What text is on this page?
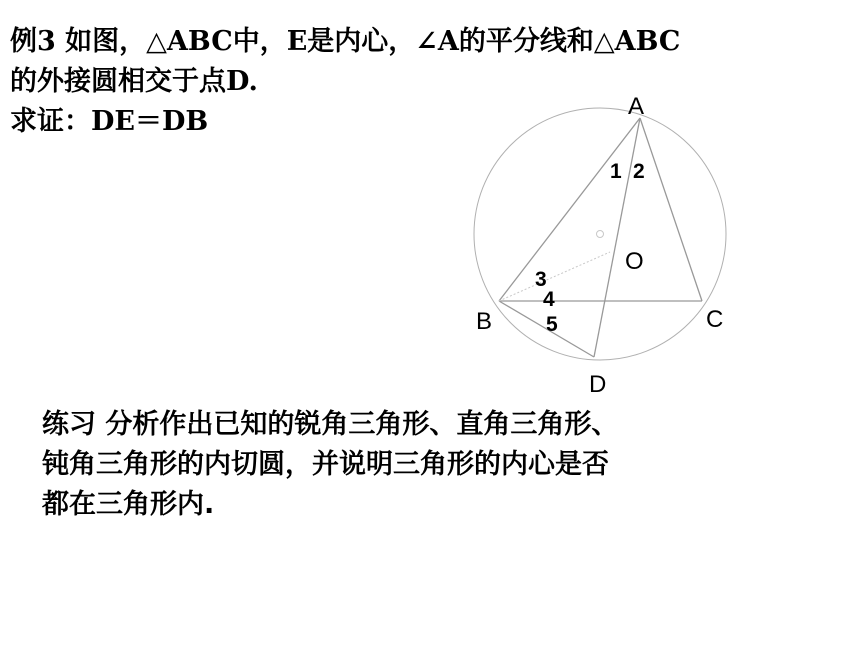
例3 如图，△ABC中，E是内心，∠A的平分线和△ABC
的外接圆相交于点D.
求证：DE＝DB	A
B	C
D
O
1 2
3
4
5
练习 分析作出已知的锐角三角形、直角三角形、
钝角三角形的内切圆，并说明三角形的内心是否
都在三角形内.
